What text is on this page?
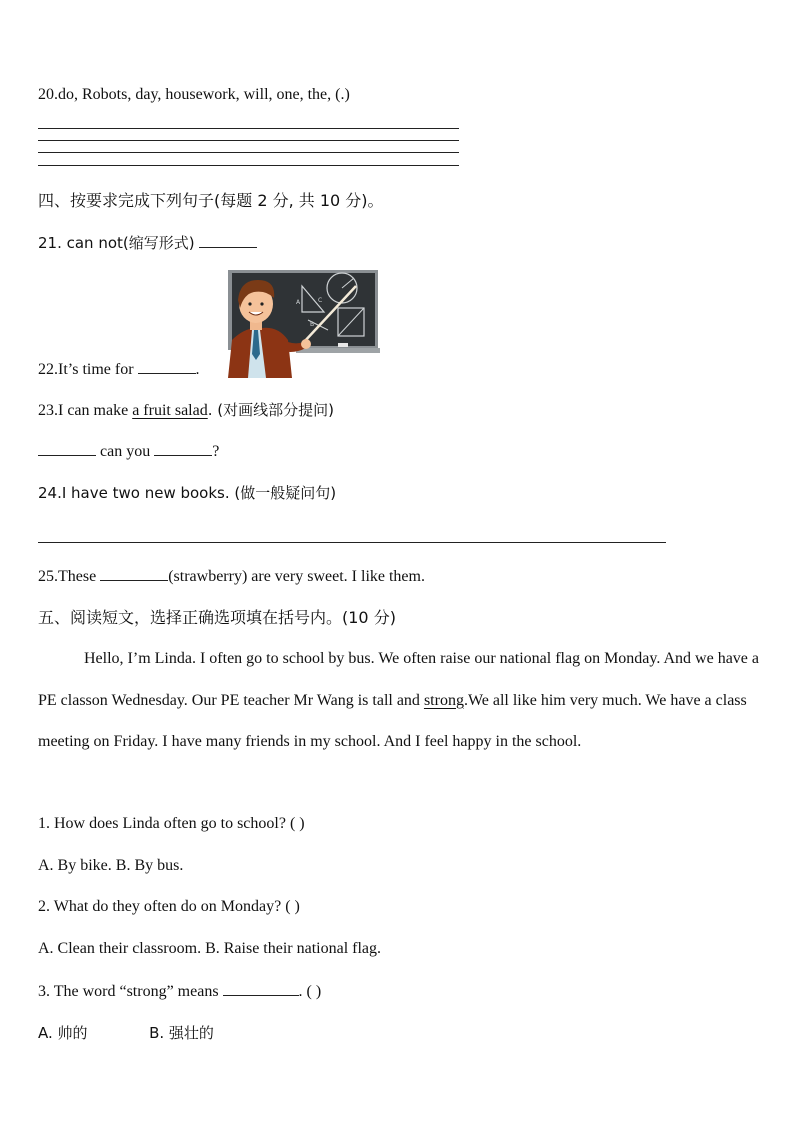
20.do, Robots, day, housework, will, one, the, (.)
四、按要求完成下列句子(每题 2 分, 共 10 分)。
21. can not(缩写形式)
A	C
B
22.It’s time for	.
23.I can make a fruit salad. (对画线部分提问)
can you	?
24.I have two new books. (做一般疑问句)
25.These	(strawberry) are very sweet. I like them.
五、阅读短文，选择正确选项填在括号内。(10 分)
Hello, I’m Linda. I often go to school by bus. We often raise our national flag on Monday. And we have a PE classon Wednesday. Our PE teacher Mr Wang is tall and strong.We all like him very much. We have a class meeting on Friday. I have many friends in my school. And I feel happy in the school.
1. How does Linda often go to school? ( )
A. By bike. B. By bus.
2. What do they often do on Monday? ( )
A. Clean their classroom. B. Raise their national flag.
3. The word “strong” means	. ( )
A. 帅的	B. 强壮的
